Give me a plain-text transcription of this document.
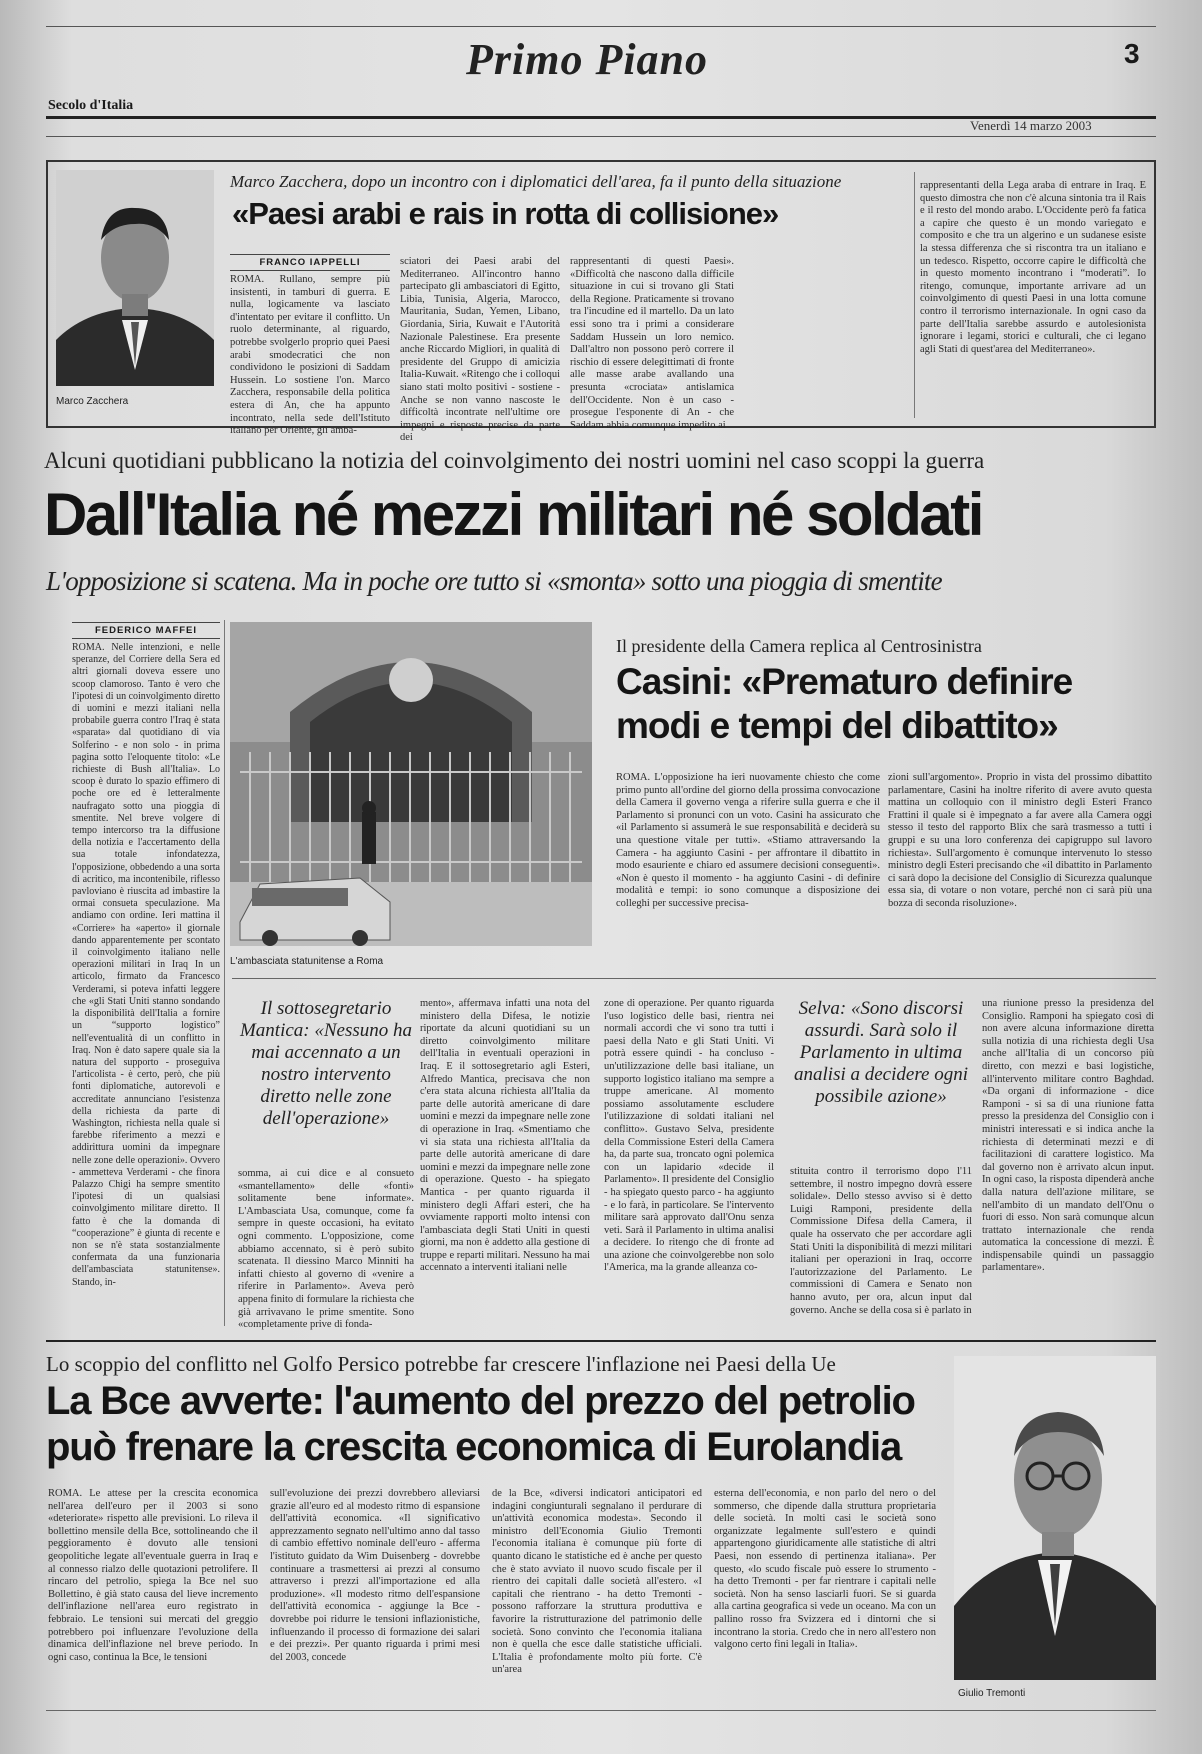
Primo Piano	3
Secolo d'Italia
Venerdì 14 marzo 2003
Marco Zacchera
Marco Zacchera, dopo un incontro con i diplomatici dell'area, fa il punto della situazione
«Paesi arabi e rais in rotta di collisione»
FRANCO IAPPELLI
ROMA. Rullano, sempre più insistenti, in tamburi di guerra. E nulla, logicamente va lasciato d'intentato per evitare il conflitto. Un ruolo determinante, al riguardo, potrebbe svolgerlo proprio quei Paesi arabi smodecratici che non condividono le posizioni di Saddam Hussein. Lo sostiene l'on. Marco Zacchera, responsabile della politica estera di An, che ha appunto incontrato, nella sede dell'Istituto italiano per Oriente, gli amba-
sciatori dei Paesi arabi del Mediterraneo. All'incontro hanno partecipato gli ambasciatori di Egitto, Libia, Tunisia, Algeria, Marocco, Mauritania, Sudan, Yemen, Libano, Giordania, Siria, Kuwait e l'Autorità Nazionale Palestinese. Era presente anche Riccardo Migliori, in qualità di presidente del Gruppo di amicizia Italia-Kuwait. «Ritengo che i colloqui siano stati molto positivi - sostiene - Anche se non vanno nascoste le difficoltà incontrate nell'ultime ore impegni e risposte precise da parte dei
rappresentanti di questi Paesi». «Difficoltà che nascono dalla difficile situazione in cui si trovano gli Stati della Regione. Praticamente si trovano tra l'incudine ed il martello. Da un lato essi sono tra i primi a considerare Saddam Hussein un loro nemico. Dall'altro non possono però correre il rischio di essere delegittimati di fronte alle masse arabe avallando una presunta «crociata» antislamica dell'Occidente. Non è un caso - prosegue l'esponente di An - che Saddam abbia comunque impedito ai
rappresentanti della Lega araba di entrare in Iraq. E questo dimostra che non c'è alcuna sintonia tra il Rais e il resto del mondo arabo. L'Occidente però fa fatica a capire che questo è un mondo variegato e composito e che tra un algerino e un sudanese esiste la stessa differenza che si riscontra tra un italiano e un tedesco. Rispetto, occorre capire le difficoltà che in questo momento incontrano i “moderati”. Io ritengo, comunque, importante arrivare ad un coinvolgimento di questi Paesi in una lotta comune contro il terrorismo internazionale. In ogni caso da parte dell'Italia sarebbe assurdo e autolesionista ignorare i legami, storici e culturali, che ci legano agli Stati di quest'area del Mediterraneo».
Alcuni quotidiani pubblicano la notizia del coinvolgimento dei nostri uomini nel caso scoppi la guerra
Dall'Italia né mezzi militari né soldati
L'opposizione si scatena. Ma in poche ore tutto si «smonta» sotto una pioggia di smentite
FEDERICO MAFFEI
ROMA. Nelle intenzioni, e nelle speranze, del Corriere della Sera ed altri giornali doveva essere uno scoop clamoroso. Tanto è vero che l'ipotesi di un coinvolgimento diretto di uomini e mezzi italiani nella probabile guerra contro l'Iraq è stata «sparata» dal quotidiano di via Solferino - e non solo - in prima pagina sotto l'eloquente titolo: «Le richieste di Bush all'Italia». Lo scoop è durato lo spazio effimero di poche ore ed è letteralmente naufragato sotto una pioggia di smentite. Nel breve volgere di tempo intercorso tra la diffusione della notizia e l'accertamento della sua totale infondatezza, l'opposizione, obbedendo a una sorta di acritico, ma incontenibile, riflesso pavloviano è riuscita ad imbastire la ormai consueta speculazione. Ma andiamo con ordine. Ieri mattina il «Corriere» ha «aperto» il giornale dando apparentemente per scontato il coinvolgimento italiano nelle operazioni militari in Iraq In un articolo, firmato da Francesco Verderami, si poteva infatti leggere che «gli Stati Uniti stanno sondando la disponibilità dell'Italia a fornire un “supporto logistico” nell'eventualità di un conflitto in Iraq. Non è dato sapere quale sia la natura del supporto - proseguiva l'articolista - è certo, però, che più fonti diplomatiche, autorevoli e accreditate annunciano l'esistenza della richiesta da parte di Washington, richiesta nella quale si farebbe riferimento a mezzi e addirittura uomini da impegnare nelle zone delle operazioni». Ovvero - ammetteva Verderami - che finora Palazzo Chigi ha sempre smentito l'ipotesi di un qualsiasi coinvolgimento militare diretto. Il fatto è che la domanda di “cooperazione” è giunta di recente e non se n'è stata sostanzialmente confermata da una funzionaria dell'ambasciata statunitense». Stando, in-
L'ambasciata statunitense a Roma
Il presidente della Camera replica al Centrosinistra
Casini: «Prematuro definire modi e tempi del dibattito»
ROMA. L'opposizione ha ieri nuovamente chiesto che come primo punto all'ordine del giorno della prossima convocazione della Camera il governo venga a riferire sulla guerra e che il Parlamento si pronunci con un voto. Casini ha assicurato che «il Parlamento si assumerà le sue responsabilità e deciderà su una questione vitale per tutti». «Stiamo attraversando la Camera - ha aggiunto Casini - per affrontare il dibattito in modo esauriente e chiaro ed assumere decisioni conseguenti». «Non è questo il momento - ha aggiunto Casini - di definire modalità e tempi: io sono comunque a disposizione dei colleghi per successive precisa-
zioni sull'argomento». Proprio in vista del prossimo dibattito parlamentare, Casini ha inoltre riferito di avere avuto questa mattina un colloquio con il ministro degli Esteri Franco Frattini il quale si è impegnato a far avere alla Camera oggi stesso il testo del rapporto Blix che sarà trasmesso a tutti i gruppi e su una loro conferenza dei capigruppo sul lavoro richiesta». Sull'argomento è comunque intervenuto lo stesso ministro degli Esteri precisando che «il dibattito in Parlamento ci sarà dopo la decisione del Consiglio di Sicurezza qualunque essa sia, di votare o non votare, perché non ci sarà più una bozza di seconda risoluzione».
Il sottosegretario Mantica: «Nessuno ha mai accennato a un nostro intervento diretto nelle zone dell'operazione»
somma, ai cui dice e al consueto «smantellamento» delle «fonti» solitamente bene informate». L'Ambasciata Usa, comunque, come fa sempre in queste occasioni, ha evitato ogni commento. L'opposizione, come abbiamo accennato, si è però subito scatenata. Il diessino Marco Minniti ha infatti chiesto al governo di «venire a riferire in Parlamento». Aveva però appena finito di formulare la richiesta che già arrivavano le prime smentite. Sono «completamente prive di fonda-
mento», affermava infatti una nota del ministero della Difesa, le notizie riportate da alcuni quotidiani su un diretto coinvolgimento militare dell'Italia in eventuali operazioni in Iraq. E il sottosegretario agli Esteri, Alfredo Mantica, precisava che non c'era stata alcuna richiesta all'Italia da parte delle autorità americane di dare uomini e mezzi da impegnare nelle zone di operazione in Iraq. «Smentiamo che vi sia stata una richiesta all'Italia da parte delle autorità americane di dare uomini e mezzi da impegnare nelle zone di operazione. Questo - ha spiegato Mantica - per quanto riguarda il ministero degli Affari esteri, che ha ovviamente rapporti molto intensi con l'ambasciata degli Stati Uniti in questi giorni, ma non è addetto alla gestione di truppe e reparti militari. Nessuno ha mai accennato a interventi italiani nelle
zone di operazione. Per quanto riguarda l'uso logistico delle basi, rientra nei normali accordi che vi sono tra tutti i paesi della Nato e gli Stati Uniti. Vi potrà essere quindi - ha concluso - un'utilizzazione delle basi italiane, un supporto logistico italiano ma sempre a truppe americane. Al momento possiamo assolutamente escludere l'utilizzazione di soldati italiani nel conflitto». Gustavo Selva, presidente della Commissione Esteri della Camera ha, da parte sua, troncato ogni polemica con un lapidario «decide il Parlamento». Il presidente del Consiglio - ha spiegato questo parco - ha aggiunto - e lo farà, in particolare. Se l'intervento militare sarà approvato dall'Onu senza veti. Sarà il Parlamento in ultima analisi a decidere. Io ritengo che di fronte ad una azione che coinvolgerebbe non solo l'America, ma la grande alleanza co-
Selva: «Sono discorsi assurdi. Sarà solo il Parlamento in ultima analisi a decidere ogni possibile azione»
stituita contro il terrorismo dopo l'11 settembre, il nostro impegno dovrà essere solidale». Dello stesso avviso si è detto Luigi Ramponi, presidente della Commissione Difesa della Camera, il quale ha osservato che per accordare agli Stati Uniti la disponibilità di mezzi militari italiani per operazioni in Iraq, occorre l'autorizzazione del Parlamento. Le commissioni di Camera e Senato non hanno avuto, per ora, alcun input dal governo. Anche se della cosa si è parlato in
una riunione presso la presidenza del Consiglio. Ramponi ha spiegato così di non avere alcuna informazione diretta sulla notizia di una richiesta degli Usa anche all'Italia di un concorso più diretto, con mezzi e basi logistiche, all'intervento militare contro Baghdad. «Da organi di informazione - dice Ramponi - si sa di una riunione fatta presso la presidenza del Consiglio con i ministri interessati e si indica anche la richiesta di determinati mezzi e di facilitazioni di carattere logistico. Ma dal governo non è arrivato alcun input. In ogni caso, la risposta dipenderà anche dalla natura dell'azione militare, se nell'ambito di un mandato dell'Onu o fuori di esso. Non sarà comunque alcun trattato internazionale che renda automatica la concessione di mezzi. È indispensabile quindi un passaggio parlamentare».
Lo scoppio del conflitto nel Golfo Persico potrebbe far crescere l'inflazione nei Paesi della Ue
La Bce avverte: l'aumento del prezzo del petrolio può frenare la crescita economica di Eurolandia
ROMA. Le attese per la crescita economica nell'area dell'euro per il 2003 si sono «deteriorate» rispetto alle previsioni. Lo rileva il bollettino mensile della Bce, sottolineando che il peggioramento è dovuto alle tensioni geopolitiche legate all'eventuale guerra in Iraq e al connesso rialzo delle quotazioni petrolifere. Il rincaro del petrolio, spiega la Bce nel suo Bollettino, è già stato causa del lieve incremento dell'inflazione nell'area euro registrato in febbraio. Le tensioni sui mercati del greggio potrebbero poi influenzare l'evoluzione della dinamica dell'inflazione nel breve periodo. In ogni caso, continua la Bce, le tensioni
sull'evoluzione dei prezzi dovrebbero alleviarsi grazie all'euro ed al modesto ritmo di espansione dell'attività economica. «Il significativo apprezzamento segnato nell'ultimo anno dal tasso di cambio effettivo nominale dell'euro - afferma l'istituto guidato da Wim Duisenberg - dovrebbe continuare a trasmettersi ai prezzi al consumo attraverso i prezzi all'importazione ed alla produzione». «Il modesto ritmo dell'espansione dell'attività economica - aggiunge la Bce - dovrebbe poi ridurre le tensioni inflazionistiche, influenzando il processo di formazione dei salari e dei prezzi». Per quanto riguarda i primi mesi del 2003, concede
de la Bce, «diversi indicatori anticipatori ed indagini congiunturali segnalano il perdurare di un'attività economica modesta». Secondo il ministro dell'Economia Giulio Tremonti l'economia italiana è comunque più forte di quanto dicano le statistiche ed è anche per questo che è stato avviato il nuovo scudo fiscale per il rientro dei capitali dalle società all'estero. «I capitali che rientrano - ha detto Tremonti - possono rafforzare la struttura produttiva e favorire la ristrutturazione del patrimonio delle società. Sono convinto che l'economia italiana non è quella che esce dalle statistiche ufficiali. L'Italia è profondamente molto più forte. C'è un'area
esterna dell'economia, e non parlo del nero o del sommerso, che dipende dalla struttura proprietaria delle società. In molti casi le società sono organizzate legalmente sull'estero e quindi appartengono giuridicamente alle statistiche di altri Paesi, non essendo di pertinenza italiana». Per questo, «lo scudo fiscale può essere lo strumento - ha detto Tremonti - per far rientrare i capitali nelle società. Non ha senso lasciarli fuori. Se si guarda alla cartina geografica si vede un oceano. Ma con un pallino rosso fra Svizzera ed i dintorni che si incontrano la storia. Credo che in nero all'estero non valgono certo fini legali in Italia».
Giulio Tremonti
